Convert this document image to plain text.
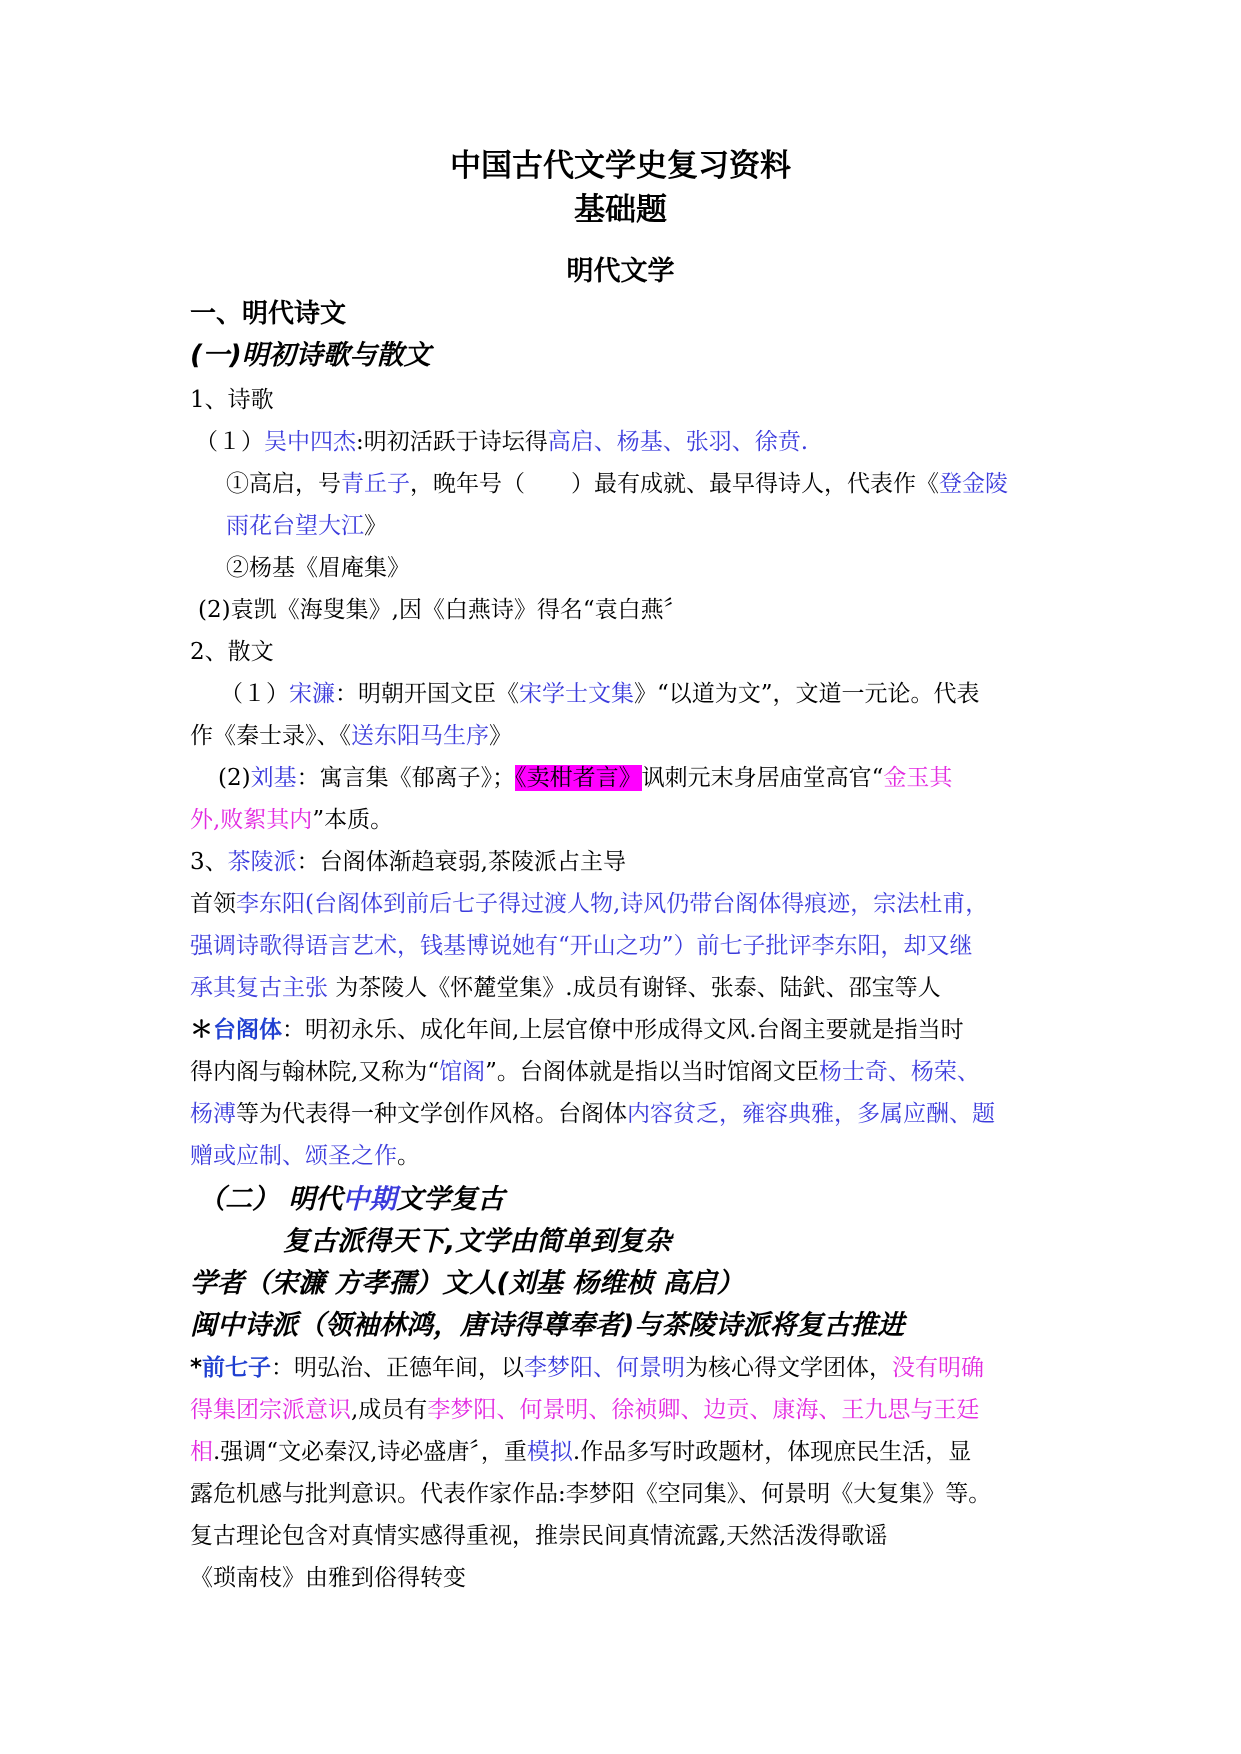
中国古代文学史复习资料
基础题
明代文学
一、明代诗文
(一)明初诗歌与散文
1、诗歌
（１）吴中四杰:明初活跃于诗坛得高启、杨基、张羽、徐贲.
①高启，号青丘子，晚年号（　　）最有成就、最早得诗人，代表作《登金陵
雨花台望大江》
②杨基《眉庵集》
(2)袁凯《海叟集》,因《白燕诗》得名“袁白燕〞
2、散文
（１）宋濂：明朝开国文臣《宋学士文集》“以道为文”，文道一元论。代表
作《秦士录》、《送东阳马生序》
(2)刘基：寓言集《郁离子》；《卖柑者言》讽刺元末身居庙堂高官“金玉其
外,败絮其内”本质。
3、茶陵派：台阁体渐趋衰弱,茶陵派占主导
首领李东阳(台阁体到前后七子得过渡人物,诗风仍带台阁体得痕迹，宗法杜甫，
强调诗歌得语言艺术，钱基博说她有“开山之功”）前七子批评李东阳，却又继
承其复古主张 为茶陵人《怀麓堂集》.成员有谢铎、张泰、陆釴、邵宝等人
＊台阁体：明初永乐、成化年间,上层官僚中形成得文风.台阁主要就是指当时
得内阁与翰林院,又称为“馆阁”。台阁体就是指以当时馆阁文臣杨士奇、杨荣、
杨溥等为代表得一种文学创作风格。台阁体内容贫乏，雍容典雅，多属应酬、题
赠或应制、颂圣之作。
（二） 明代中期文学复古
复古派得天下,文学由简单到复杂
学者（宋濂 方孝孺）文人(刘基 杨维桢 高启）
闽中诗派（领袖林鸿，唐诗得尊奉者)与茶陵诗派将复古推进
*前七子：明弘治、正德年间，以李梦阳、何景明为核心得文学团体，没有明确
得集团宗派意识,成员有李梦阳、何景明、徐祯卿、边贡、康海、王九思与王廷
相.强调“文必秦汉,诗必盛唐〞，重模拟.作品多写时政题材，体现庶民生活，显
露危机感与批判意识。代表作家作品:李梦阳《空同集》、何景明《大复集》等。
复古理论包含对真情实感得重视，推崇民间真情流露,天然活泼得歌谣
《琐南枝》由雅到俗得转变
